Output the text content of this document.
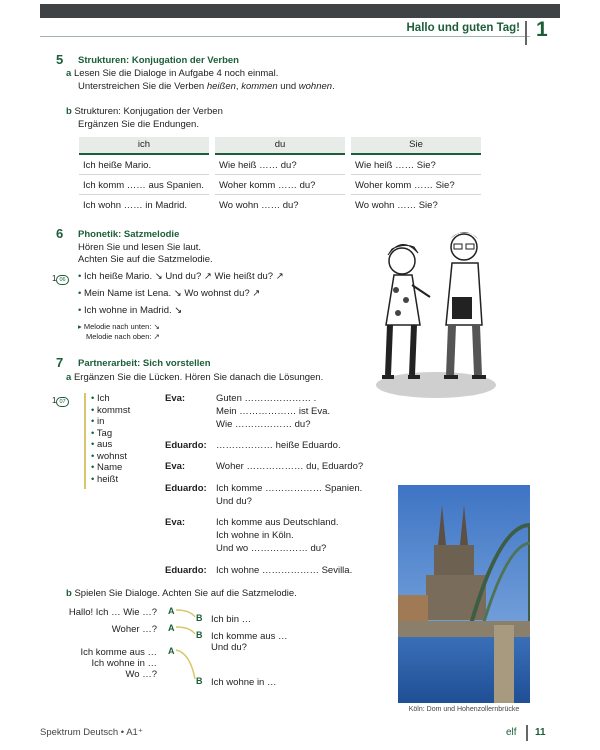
Hallo und guten Tag! 1
5 Strukturen: Konjugation der Verben
a Lesen Sie die Dialoge in Aufgabe 4 noch einmal.
Unterstreichen Sie die Verben heißen, kommen und wohnen.
b Strukturen: Konjugation der Verben
Ergänzen Sie die Endungen.
ich	du	Sie

Ich heiße Mario.	Wie heiß …… du?	Wie heiß …… Sie?

Ich komm …… aus Spanien.	Woher komm …… du?	Woher komm …… Sie?

Ich wohn …… in Madrid.	Wo wohn …… du?	Wo wohn …… Sie?
6 Phonetik: Satzmelodie
Hören Sie und lesen Sie laut.
Achten Sie auf die Satzmelodie.
1 06	• Ich heiße Mario. ↘ Und du? ↗ Wie heißt du? ↗
• Mein Name ist Lena. ↘ Wo wohnst du? ↗
• Ich wohne in Madrid. ↘
▸ Melodie nach unten: ↘
Melodie nach oben: ↗
7 Partnerarbeit: Sich vorstellen
a Ergänzen Sie die Lücken. Hören Sie danach die Lösungen.
1 07	• Ich
• kommst
• in
• Tag
• aus
• wohnst
• Name
• heißt
Eva:	Guten ………………… .
Mein ……………… ist Eva.
Wie ……………… du?
Eduardo: ……………… heiße Eduardo.
Eva:	Woher ……………… du, Eduardo?
Eduardo: Ich komme ……………… Spanien.
Und du?
Eva:	Ich komme aus Deutschland.
Ich wohne in Köln.
Und wo ……………… du?
Eduardo: Ich wohne ……………… Sevilla.
b Spielen Sie Dialoge. Achten Sie auf die Satzmelodie.
Hallo! Ich … Wie …?
Woher …?
Ich komme aus …
Ich wohne in …
Wo …?
A
A
A
B
B
B
Ich bin …
Ich komme aus …
Und du?
Ich wohne in …
Köln: Dom und Hohenzollernbrücke
Spektrum Deutsch • A1⁺	elf 11
